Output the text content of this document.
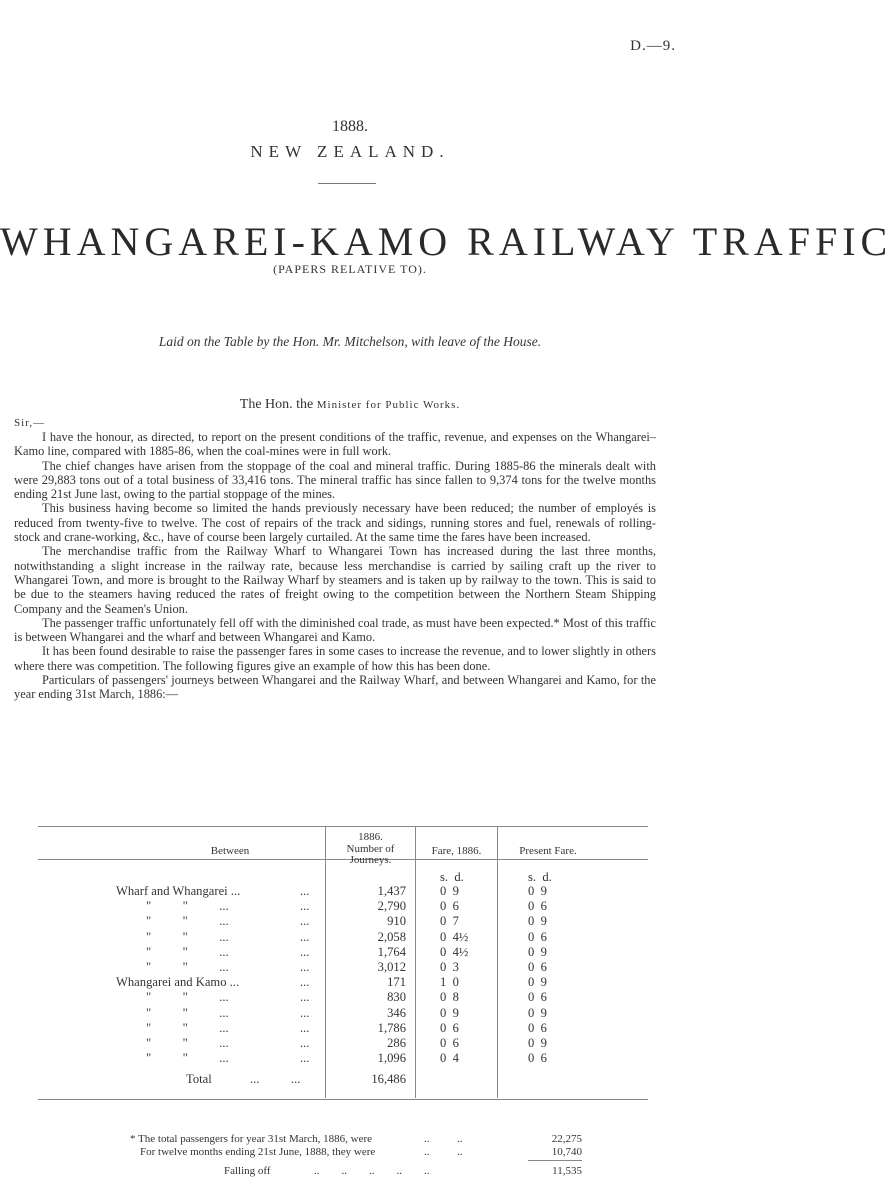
D.—9.
1888.
NEW ZEALAND.
WHANGAREI-KAMO RAILWAY TRAFFIC
(PAPERS RELATIVE TO).
Laid on the Table by the Hon. Mr. Mitchelson, with leave of the House.
The Hon. the Minister for Public Works.
Sir,—

I have the honour, as directed, to report on the present conditions of the traffic, revenue, and expenses on the Whangarei–Kamo line, compared with 1885-86, when the coal-mines were in full work.

The chief changes have arisen from the stoppage of the coal and mineral traffic. During 1885-86 the minerals dealt with were 29,883 tons out of a total business of 33,416 tons. The mineral traffic has since fallen to 9,374 tons for the twelve months ending 21st June last, owing to the partial stoppage of the mines.

This business having become so limited the hands previously necessary have been reduced; the number of employés is reduced from twenty-five to twelve. The cost of repairs of the track and sidings, running stores and fuel, renewals of rolling-stock and crane-working, &c., have of course been largely curtailed. At the same time the fares have been increased.

The merchandise traffic from the Railway Wharf to Whangarei Town has increased during the last three months, notwithstanding a slight increase in the railway rate, because less merchandise is carried by sailing craft up the river to Whangarei Town, and more is brought to the Railway Wharf by steamers and is taken up by railway to the town. This is said to be due to the steamers having reduced the rates of freight owing to the competition between the Northern Steam Shipping Company and the Seamen's Union.

The passenger traffic unfortunately fell off with the diminished coal trade, as must have been expected.* Most of this traffic is between Whangarei and the wharf and between Whangarei and Kamo.

It has been found desirable to raise the passenger fares in some cases to increase the revenue, and to lower slightly in others where there was competition. The following figures give an example of how this has been done.

Particulars of passengers' journeys between Whangarei and the Railway Wharf, and between Whangarei and Kamo, for the year ending 31st March, 1886:—

Between
1886.
Number of
Journeys.
Fare, 1886.	Present Fare.
s.  d.	s.  d.
Wharf and Whangarei ...	...	1,437	0  9	0  9
"          "          ...	...	2,790	0  6	0  6
"          "          ...	...	910	0  7	0  9
"          "          ...	...	2,058	0  4½	0  6
"          "          ...	...	1,764	0  4½	0  9
"          "          ...	...	3,012	0  3	0  6
Whangarei and Kamo ...	...	171	1  0	0  9
"          "          ...	...	830	0  8	0  6
"          "          ...	...	346	0  9	0  9
"          "          ...	...	1,786	0  6	0  6
"          "          ...	...	286	0  6	0  9
"          "          ...	...	1,096	0  4	0  6
Total	...          ...	16,486
* The total passengers for year 31st March, 1886, were	..          ..	22,275
For twelve months ending 21st June, 1888, they were	..          ..	10,740
Falling off	..        ..        ..        ..        ..	11,535
